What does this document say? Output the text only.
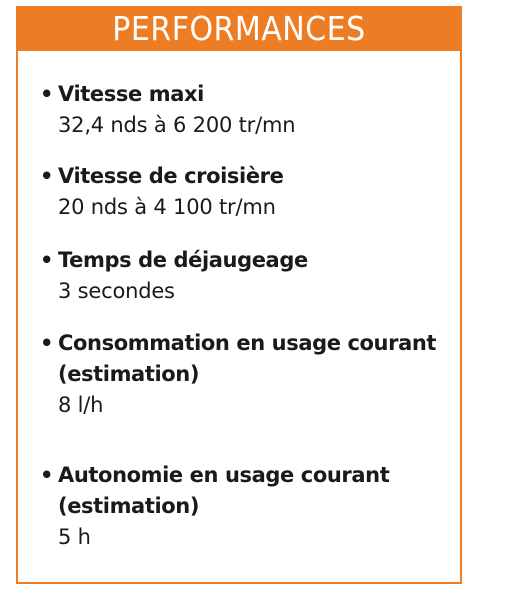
PERFORMANCES
• Vitesse maxi
32,4 nds à 6 200 tr/mn
• Vitesse de croisière
20 nds à 4 100 tr/mn
• Temps de déjaugeage
3 secondes
• Consommation en usage courant
(estimation)
8 l/h
• Autonomie en usage courant
(estimation)
5 h
